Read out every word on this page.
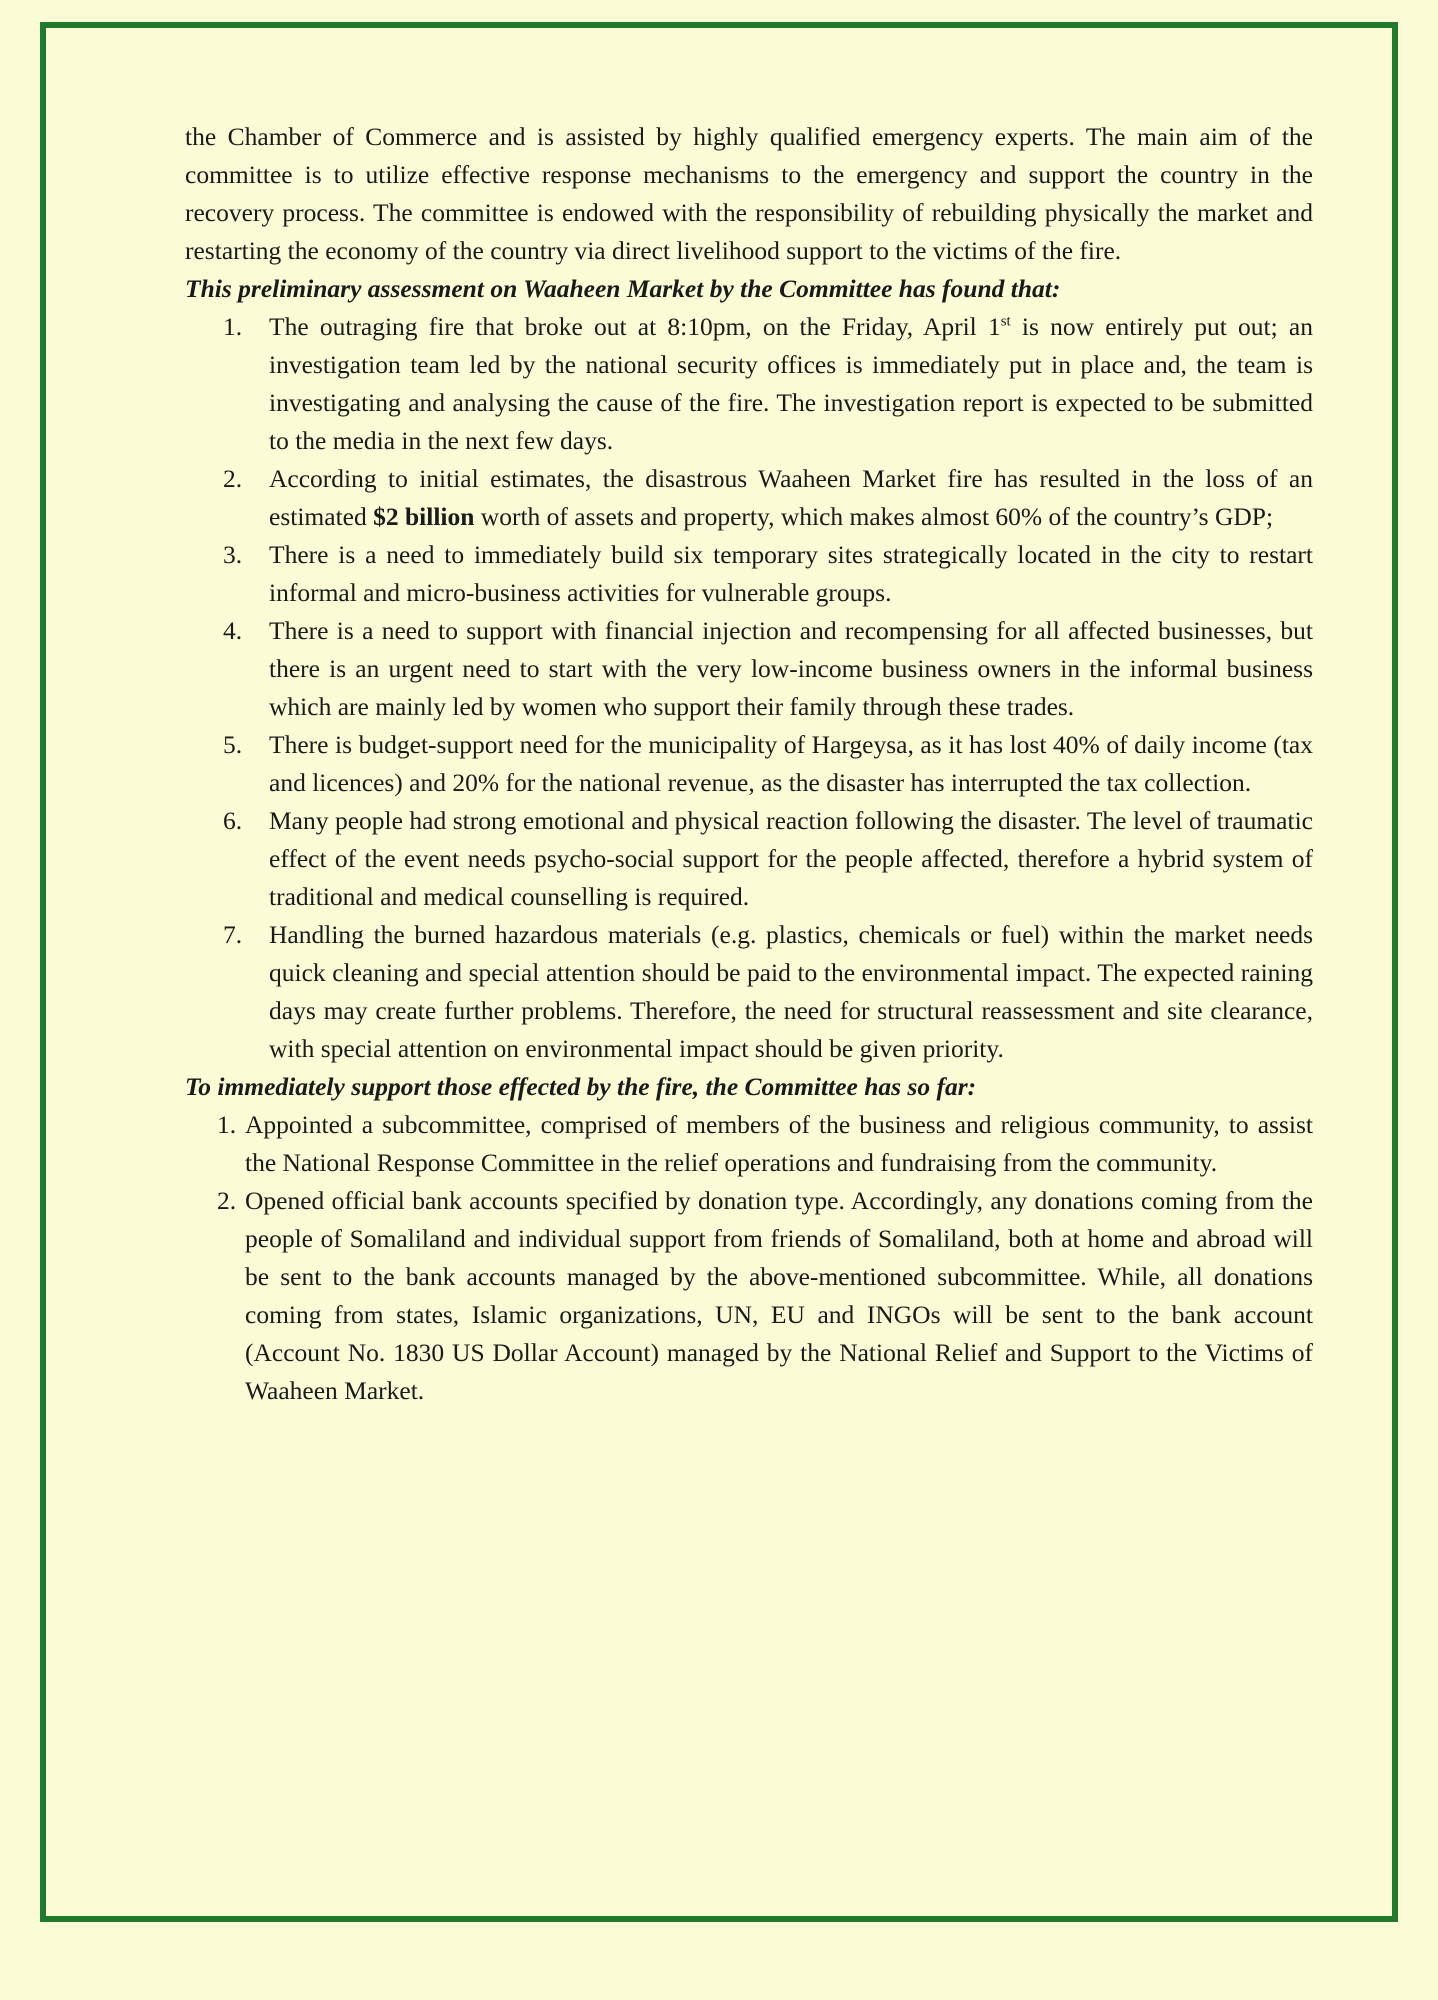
the Chamber of Commerce and is assisted by highly qualified emergency experts. The main aim of the committee is to utilize effective response mechanisms to the emergency and support the country in the recovery process. The committee is endowed with the responsibility of rebuilding physically the market and restarting the economy of the country via direct livelihood support to the victims of the fire.

This preliminary assessment on Waaheen Market by the Committee has found that:

1. The outraging fire that broke out at 8:10pm, on the Friday, April 1st is now entirely put out; an investigation team led by the national security offices is immediately put in place and, the team is investigating and analysing the cause of the fire. The investigation report is expected to be submitted to the media in the next few days.
2. According to initial estimates, the disastrous Waaheen Market fire has resulted in the loss of an estimated $2 billion worth of assets and property, which makes almost 60% of the country’s GDP;
3. There is a need to immediately build six temporary sites strategically located in the city to restart informal and micro-business activities for vulnerable groups.
4. There is a need to support with financial injection and recompensing for all affected businesses, but there is an urgent need to start with the very low-income business owners in the informal business which are mainly led by women who support their family through these trades.
5. There is budget-support need for the municipality of Hargeysa, as it has lost 40% of daily income (tax and licences) and 20% for the national revenue, as the disaster has interrupted the tax collection.
6. Many people had strong emotional and physical reaction following the disaster. The level of traumatic effect of the event needs psycho-social support for the people affected, therefore a hybrid system of traditional and medical counselling is required.
7. Handling the burned hazardous materials (e.g. plastics, chemicals or fuel) within the market needs quick cleaning and special attention should be paid to the environmental impact. The expected raining days may create further problems. Therefore, the need for structural reassessment and site clearance, with special attention on environmental impact should be given priority.

To immediately support those effected by the fire, the Committee has so far:

1. Appointed a subcommittee, comprised of members of the business and religious community, to assist the National Response Committee in the relief operations and fundraising from the community.
2. Opened official bank accounts specified by donation type. Accordingly, any donations coming from the people of Somaliland and individual support from friends of Somaliland, both at home and abroad will be sent to the bank accounts managed by the above-mentioned subcommittee. While, all donations coming from states, Islamic organizations, UN, EU and INGOs will be sent to the bank account (Account No. 1830 US Dollar Account) managed by the National Relief and Support to the Victims of Waaheen Market.
